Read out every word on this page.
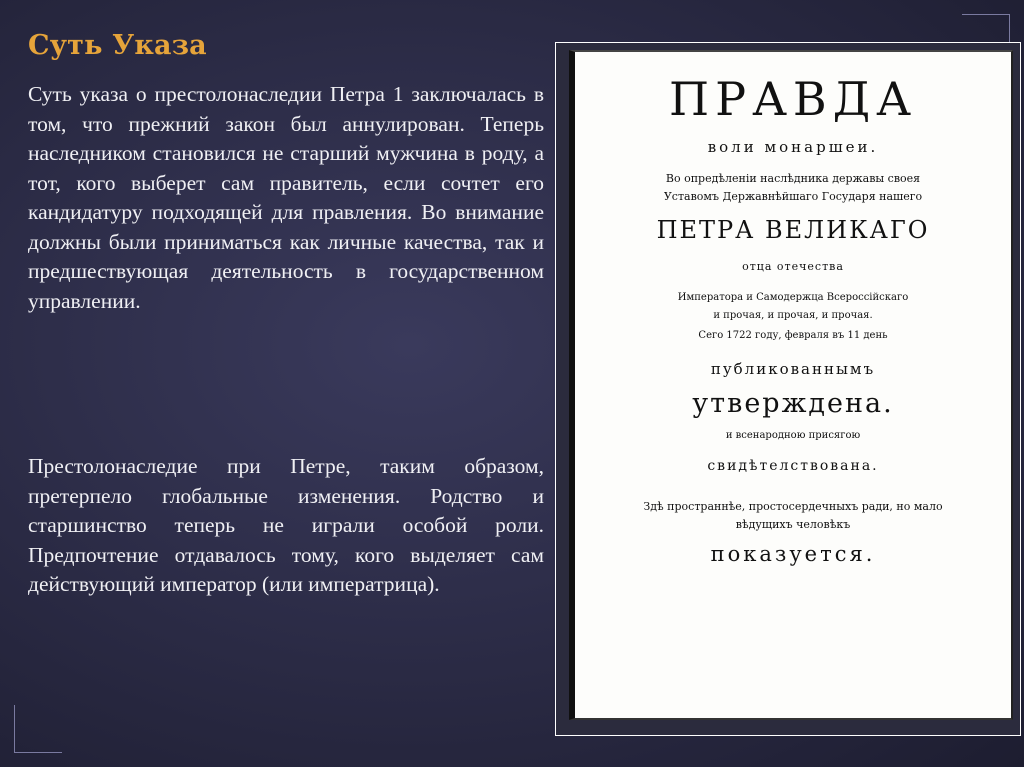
Суть Указа
Суть указа о престолонаследии Петра 1 заключалась в том, что прежний закон был аннулирован. Теперь наследником становился не старший мужчина в роду, а тот, кого выберет сам правитель, если сочтет его кандидатуру подходящей для правления. Во внимание должны были приниматься как личные качества, так и предшествующая деятельность в государственном управлении.
Престолонаследие при Петре, таким образом, претерпело глобальные изменения. Родство и старшинство теперь не играли особой роли. Предпочтение отдавалось тому, кого выделяет сам действующий император (или императрица).
ПРАВДА
воли монаршеи.
Во опредѣленіи наслѣдника державы своея
Уставомъ Державнѣйшаго Государя нашего
ПЕТРА ВЕЛИКАГО
отца отечества
Императора и Самодержца Всероссійскаго
и прочая, и прочая, и прочая.
Сего 1722 году, февраля въ 11 день
публикованнымъ
утверждена.
и всенародною присягою
свидѣтелствована.
Здѣ пространнѣе, простосердечныхъ ради, но мало
вѣдущихъ человѣкъ
показуется.
